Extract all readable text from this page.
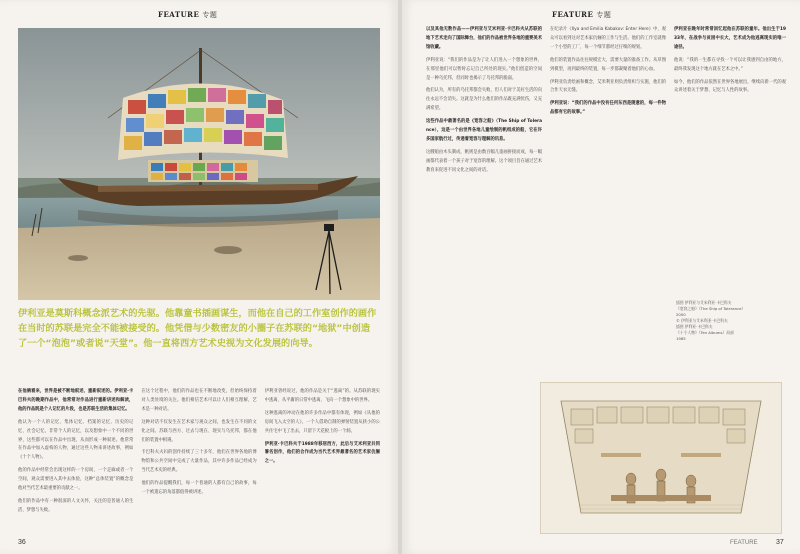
FEATURE 专题
伊利亚是莫斯科概念派艺术的先驱。他靠童书插画谋生，而他在自己的工作室创作的画作在当时的苏联是完全不能被接受的。他凭借与少数密友的小圈子在苏联的“地狱”中创造了一个“泡泡”或者说“天堂”。他一直将西方艺术史视为文化发展的向导。

在他俩看来，世界是被不断地叙述、重新叙述的。伊利亚·卡巴科夫的晚期作品中，他常常对作品进行重新讲述和解读，他的作品既是个人记忆的片段，也是苏联生活的集体记忆。

他认为一个人的记忆、集体记忆、档案的记忆、历史的记忆、社会记忆，非常个人的记忆，以及想象中一个不同的世界，这些都可以在作品中出现，从而形成一种叙述。他常常在作品中加入虚构的人物，通过这些人物来讲述故事，例如《十个人物》。

他的作品中经常会出现这样的一个房间、一个走廊或者一个空间，观众需要进入其中去体验，这种“总体装置”的概念是他对当代艺术最重要的贡献之一。

他们的作品中有一种很深的人文关怀，关注的是普通人的生活、梦想与失败。

在这个过程中，他们的作品也在不断地改变，但始终保持着对人类处境的关注。他们相信艺术可以让人们相互理解，艺术是一种对话。

这种对话不仅发生在艺术家与观众之间，也发生在不同的文化之间。苏联与西方、过去与现在、现实与乌托邦，都在他们的装置中相遇。

卡巴科夫夫妇的创作持续了三十多年，他们在世界各地的博物馆和公共空间中完成了大量作品，其中许多作品已经成为当代艺术史的经典。

他们的作品提醒我们，每一个普通的人都有自己的故事，每一个被遗忘的角落都值得被讲述。

伊利亚曾经说过，他的作品是关于“逃离”的。从苏联的现实中逃离，从平庸的日常中逃离，飞向一个想象中的世界。

这种逃离的冲动在他的许多作品中都有体现，例如《从他的房间飞入太空的人》，一个人借助自制的弹射装置从狭小的公共住宅中飞了出去，只留下天花板上的一个洞。

伊利亚·卡巴科夫于1988年移居西方，此后与艾米利亚共同署名创作，他们的合作成为当代艺术界最著名的艺术家伉俪之一。

36
FEATURE 专题

以及其他无数作品——伊利亚与艾米利亚·卡巴科夫从苏联的地下艺术走向了国际舞台，他们的作品被世界各地的重要美术馆收藏。

伊利亚说：“我们的作品是为了让人们进入一个想象的世界，在那里他们可以暂时忘记自己所处的现实。”他们创造的空间是一种乌托邦，但同时也揭示了乌托邦的脆弱。

他们认为，所有的乌托邦都会失败，但人们对于美好生活的向往永远不会消失。这就是为什么他们的作品既充满忧伤，又充满希望。

这些作品中最著名的是《宽容之船》（The Ship of Tolerance），这是一个由世界各地儿童绘制的帆组成的船，它在许多国家航行过，传递着宽容与理解的讯息。

这艘船由木头制成，帆则是由数百幅儿童画拼接而成，每一幅画都代表着一个孩子对于宽容的理解。这个项目旨在通过艺术教育来促进不同文化之间的对话。

在纪录片《Ilya and Emilia Kabakov: Enter Here》中，观众可以看到这对艺术家伉俪的工作与生活。他们的工作室就像一个小型的工厂，每一个细节都经过仔细的规划。

他们的装置作品往往规模宏大，需要大量的准备工作。从草图到模型，再到最终的装置，每一步都凝聚着他们的心血。

伊利亚负责绘画和概念，艾米利亚则负责组织与实施，他们的合作天衣无缝。

伊利亚说：“我们的作品中没有任何东西是随意的，每一件物品都有它的故事。”

伊利亚在晚年时常常回忆起他在苏联的童年。他出生于1933年，在战争与贫困中长大，艺术成为他逃离现实的唯一途径。

他说：“我的一生都在寻找一个可以让我感到自由的地方，最终我发现这个地方就在艺术之中。”

如今，他们的作品依然在世界各地展出，继续向新一代的观众讲述着关于梦想、记忆与人性的故事。

插图 伊利亚与艾米利亚·卡巴科夫
《宽容之船》（The Ship of Tolerance）
2000
© 伊利亚与艾米利亚·卡巴科夫
插图 伊利亚·卡巴科夫
《十个人物》（Ten Albums）局部
1985
FEATURE	37
